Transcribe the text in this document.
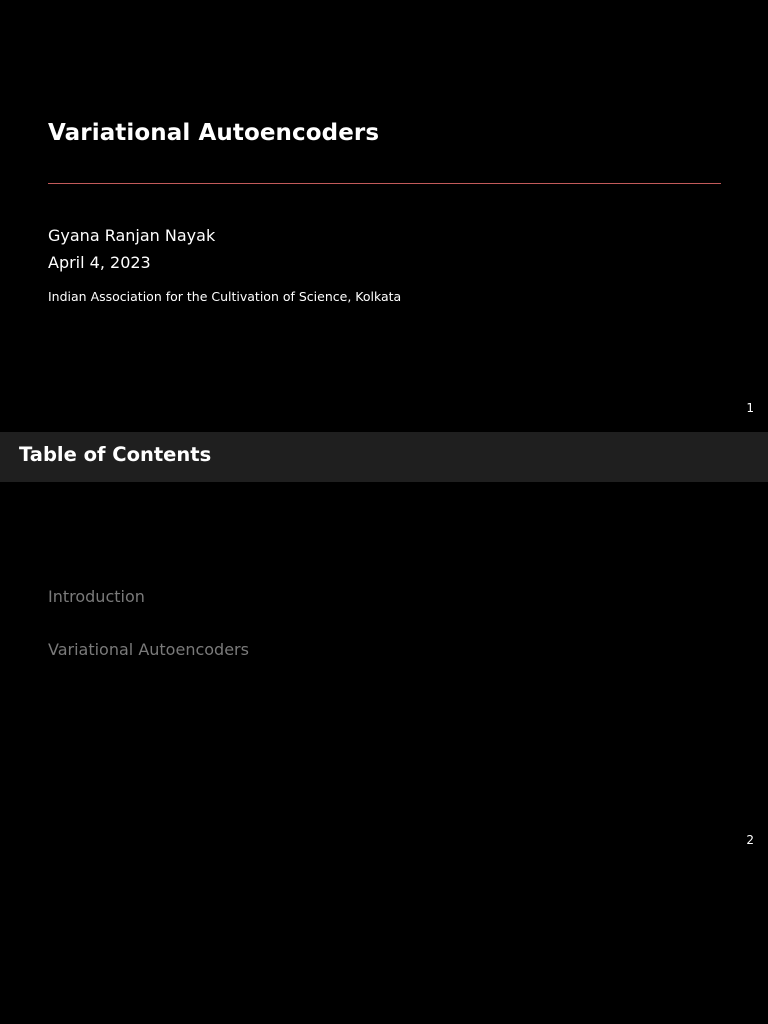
Variational Autoencoders
Gyana Ranjan Nayak
April 4, 2023
Indian Association for the Cultivation of Science, Kolkata
1
Table of Contents
Introduction
Variational Autoencoders
2
